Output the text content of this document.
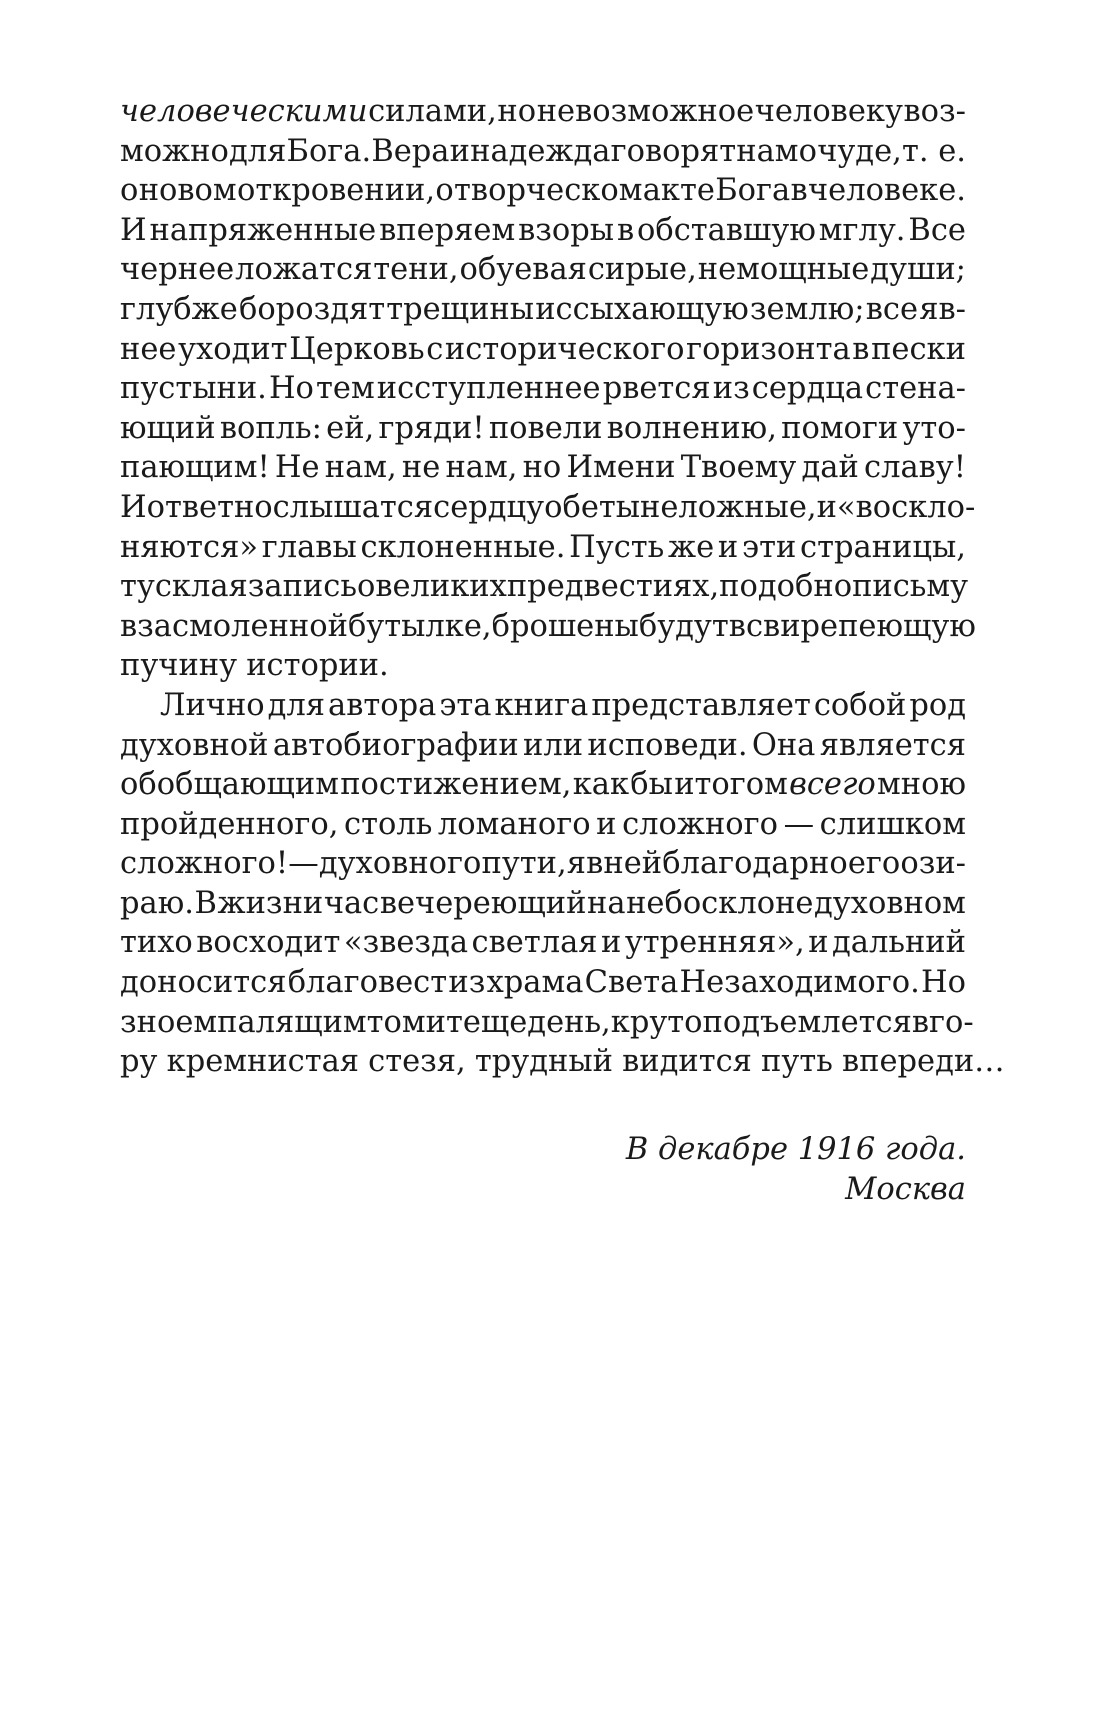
человеческими силами, но невозможное человеку воз-
можно для Бога. Вера и надежда говорят нам о чуде, т. е.
о новом откровении, о творческом акте Бога в человеке.
И напряженные вперяем взоры в обставшую мглу. Все
чернее ложатся тени, обуевая сирые, немощные души;
глубже бороздят трещины иссыхающую землю; все яв-
нее уходит Церковь с исторического горизонта в пески
пустыни. Но тем исступленнее рвется из сердца стена-
ющий вопль: ей, гряди! повели волнению, помоги уто-
пающим! Не нам, не нам, но Имени Твоему дай славу!
И ответно слышатся сердцу обеты неложные, и «воскло-
няются» главы склоненные. Пусть же и эти страницы,
тусклая запись о великих предвестиях, подобно письму
в засмоленной бутылке, брошены будут в свирепеющую
пучину истории.
Лично для автора эта книга представляет собой род
духовной автобиографии или исповеди. Она является
обобщающим постижением, как бы итогом всего мною
пройденного, столь ломаного и сложного — слишком
сложного! — духовного пути, я в ней благодарно его ози-
раю. В жизни час вечереющий на небосклоне духовном
тихо восходит «звезда светлая и утренняя», и дальний
доносится благовест из храма Света Незаходимого. Но
зноем палящим томит еще день, круто подъемлется в го-
ру кремнистая стезя, трудный видится путь впереди…
В декабре 1916 года.
Москва
